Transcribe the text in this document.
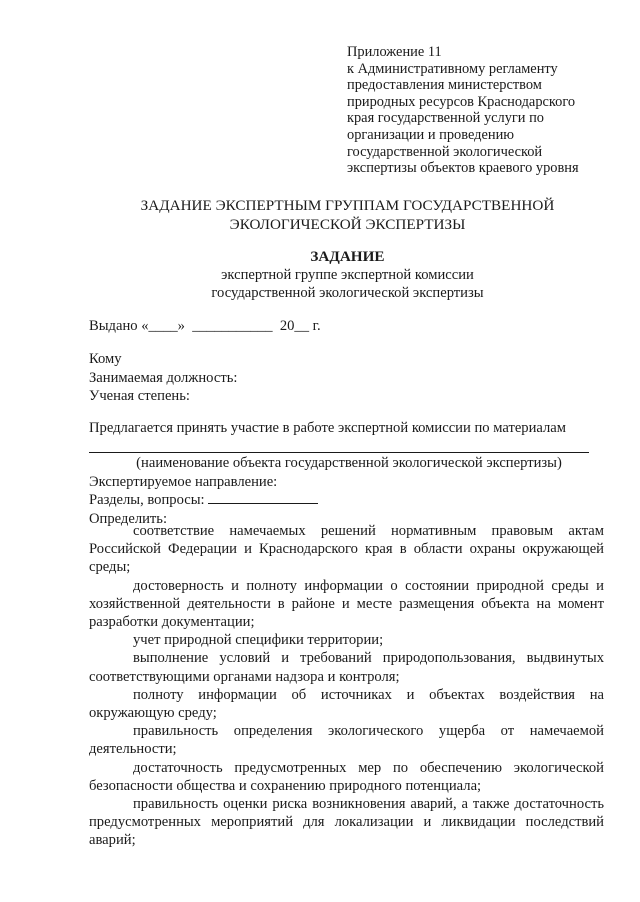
Приложение 11
к Административному регламенту
предоставления министерством
природных ресурсов Краснодарского
края государственной услуги по
организации и проведению
государственной экологической
экспертизы объектов краевого уровня
ЗАДАНИЕ ЭКСПЕРТНЫМ ГРУППАМ ГОСУДАРСТВЕННОЙ
ЭКОЛОГИЧЕСКОЙ ЭКСПЕРТИЗЫ
ЗАДАНИЕ
экспертной группе экспертной комиссии
государственной экологической экспертизы
Выдано «____»  ___________  20__ г.
Кому
Занимаемая должность:
Ученая степень:
Предлагается принять участие в работе экспертной комиссии по материалам
(наименование объекта государственной экологической экспертизы)
Экспертируемое направление:
Разделы, вопросы:
Определить:

соответствие намечаемых решений нормативным правовым актам Российской Федерации и Краснодарского края в области охраны окружающей среды;

достоверность и полноту информации о состоянии природной среды и хозяйственной деятельности в районе и месте размещения объекта на момент разработки документации;

учет природной специфики территории;

выполнение условий и требований природопользования, выдвинутых соответствующими органами надзора и контроля;

полноту информации об источниках и объектах воздействия на окружающую среду;

правильность определения экологического ущерба от намечаемой деятельности;

достаточность предусмотренных мер по обеспечению экологической безопасности общества и сохранению природного потенциала;

правильность оценки риска возникновения аварий, а также достаточность предусмотренных мероприятий для локализации и ликвидации последствий аварий;
